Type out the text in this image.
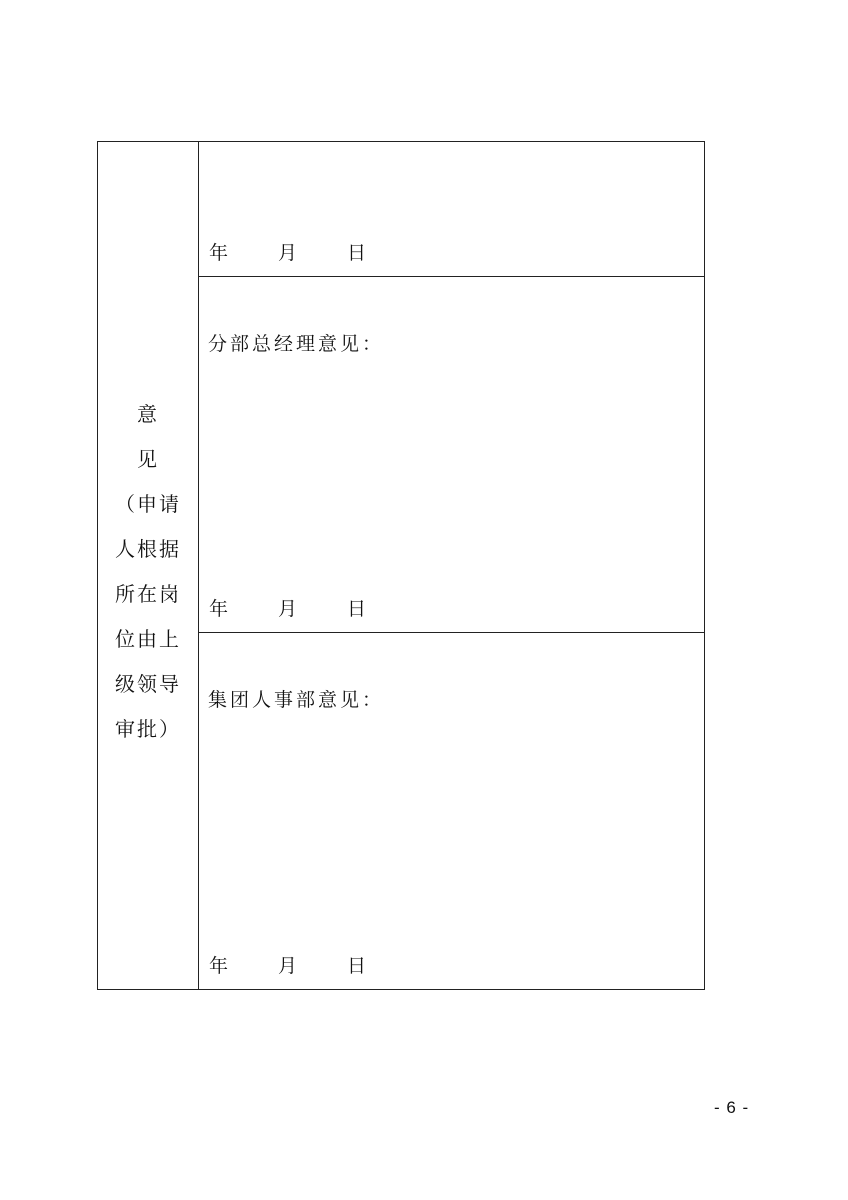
意
见
（申请
人根据
所在岗
位由上
级领导
审批）
年	月	日
分部总经理意见：
年	月	日
集团人事部意见：
年	月	日
- 6 -
